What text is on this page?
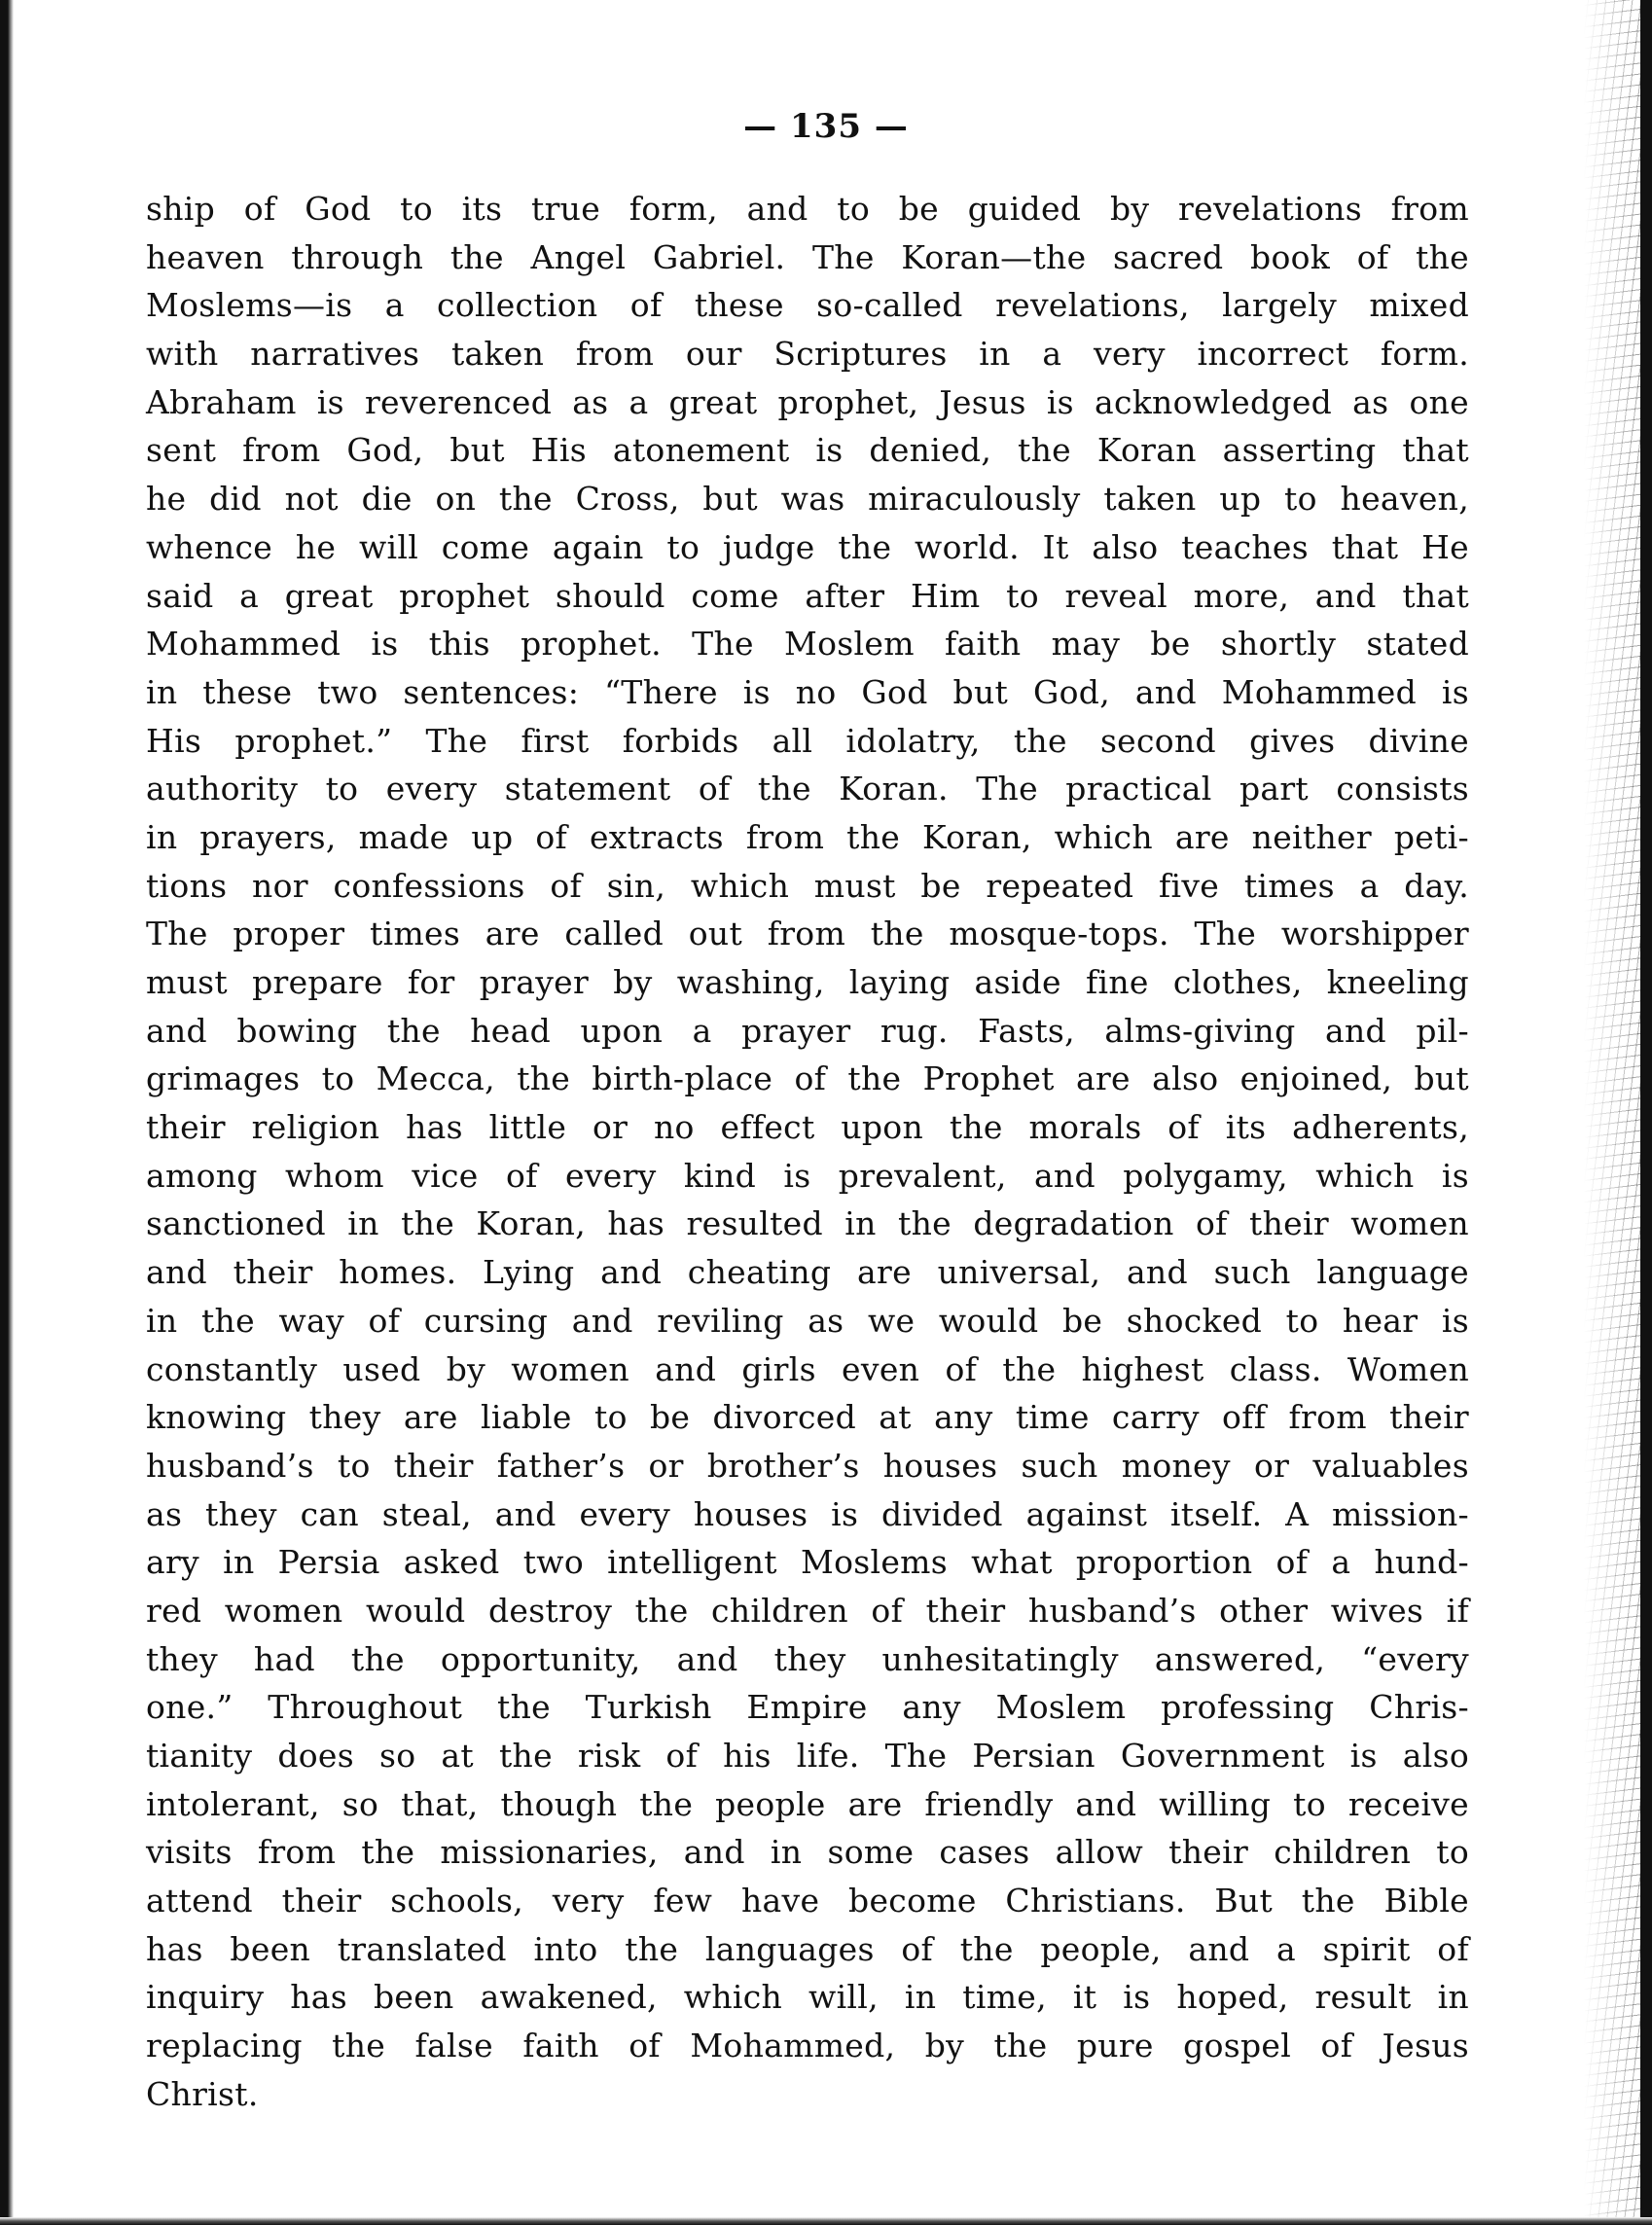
— 135 —
ship of God to its true form, and to be guided by revelations from
heaven through the Angel Gabriel. The Koran—the sacred book of the
Moslems—is a collection of these so-called revelations, largely mixed
with narratives taken from our Scriptures in a very incorrect form.
Abraham is reverenced as a great prophet, Jesus is acknowledged as one
sent from God, but His atonement is denied, the Koran asserting that
he did not die on the Cross, but was miraculously taken up to heaven,
whence he will come again to judge the world. It also teaches that He
said a great prophet should come after Him to reveal more, and that
Mohammed is this prophet. The Moslem faith may be shortly stated
in these two sentences: “There is no God but God, and Mohammed is
His prophet.” The first forbids all idolatry, the second gives divine
authority to every statement of the Koran. The practical part consists
in prayers, made up of extracts from the Koran, which are neither peti-
tions nor confessions of sin, which must be repeated five times a day.
The proper times are called out from the mosque-tops. The worshipper
must prepare for prayer by washing, laying aside fine clothes, kneeling
and bowing the head upon a prayer rug. Fasts, alms-giving and pil-
grimages to Mecca, the birth-place of the Prophet are also enjoined, but
their religion has little or no effect upon the morals of its adherents,
among whom vice of every kind is prevalent, and polygamy, which is
sanctioned in the Koran, has resulted in the degradation of their women
and their homes. Lying and cheating are universal, and such language
in the way of cursing and reviling as we would be shocked to hear is
constantly used by women and girls even of the highest class. Women
knowing they are liable to be divorced at any time carry off from their
husband’s to their father’s or brother’s houses such money or valuables
as they can steal, and every houses is divided against itself. A mission-
ary in Persia asked two intelligent Moslems what proportion of a hund-
red women would destroy the children of their husband’s other wives if
they had the opportunity, and they unhesitatingly answered, “every
one.” Throughout the Turkish Empire any Moslem professing Chris-
tianity does so at the risk of his life. The Persian Government is also
intolerant, so that, though the people are friendly and willing to receive
visits from the missionaries, and in some cases allow their children to
attend their schools, very few have become Christians. But the Bible
has been translated into the languages of the people, and a spirit of
inquiry has been awakened, which will, in time, it is hoped, result in
replacing the false faith of Mohammed, by the pure gospel of Jesus
Christ.
